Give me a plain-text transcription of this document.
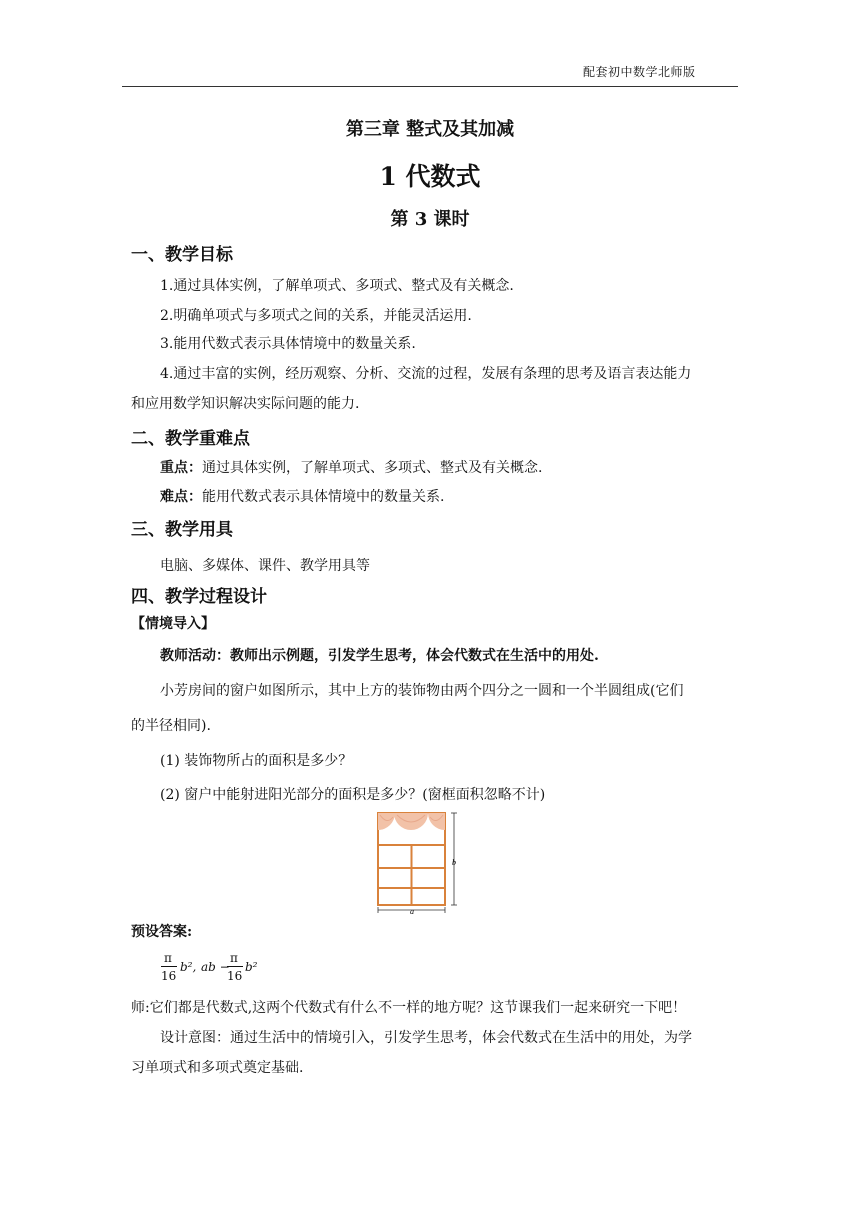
配套初中数学北师版
第三章 整式及其加减
1 代数式
第 3 课时
一、教学目标
1.通过具体实例，了解单项式、多项式、整式及有关概念.
2.明确单项式与多项式之间的关系，并能灵活运用.
3.能用代数式表示具体情境中的数量关系.
4.通过丰富的实例，经历观察、分析、交流的过程，发展有条理的思考及语言表达能力
和应用数学知识解决实际问题的能力.
二、教学重难点
重点：通过具体实例，了解单项式、多项式、整式及有关概念.
难点：能用代数式表示具体情境中的数量关系.
三、教学用具
电脑、多媒体、课件、教学用具等
四、教学过程设计
【情境导入】
教师活动：教师出示例题，引发学生思考，体会代数式在生活中的用处.
小芳房间的窗户如图所示，其中上方的装饰物由两个四分之一圆和一个半圆组成(它们
的半径相同).
(1) 装饰物所占的面积是多少？
(2) 窗户中能射进阳光部分的面积是多少？(窗框面积忽略不计)
b
a
预设答案:
π
16
b², ab −
π
16
b²
师:它们都是代数式,这两个代数式有什么不一样的地方呢？这节课我们一起来研究一下吧！
设计意图：通过生活中的情境引入，引发学生思考，体会代数式在生活中的用处，为学
习单项式和多项式奠定基础.
